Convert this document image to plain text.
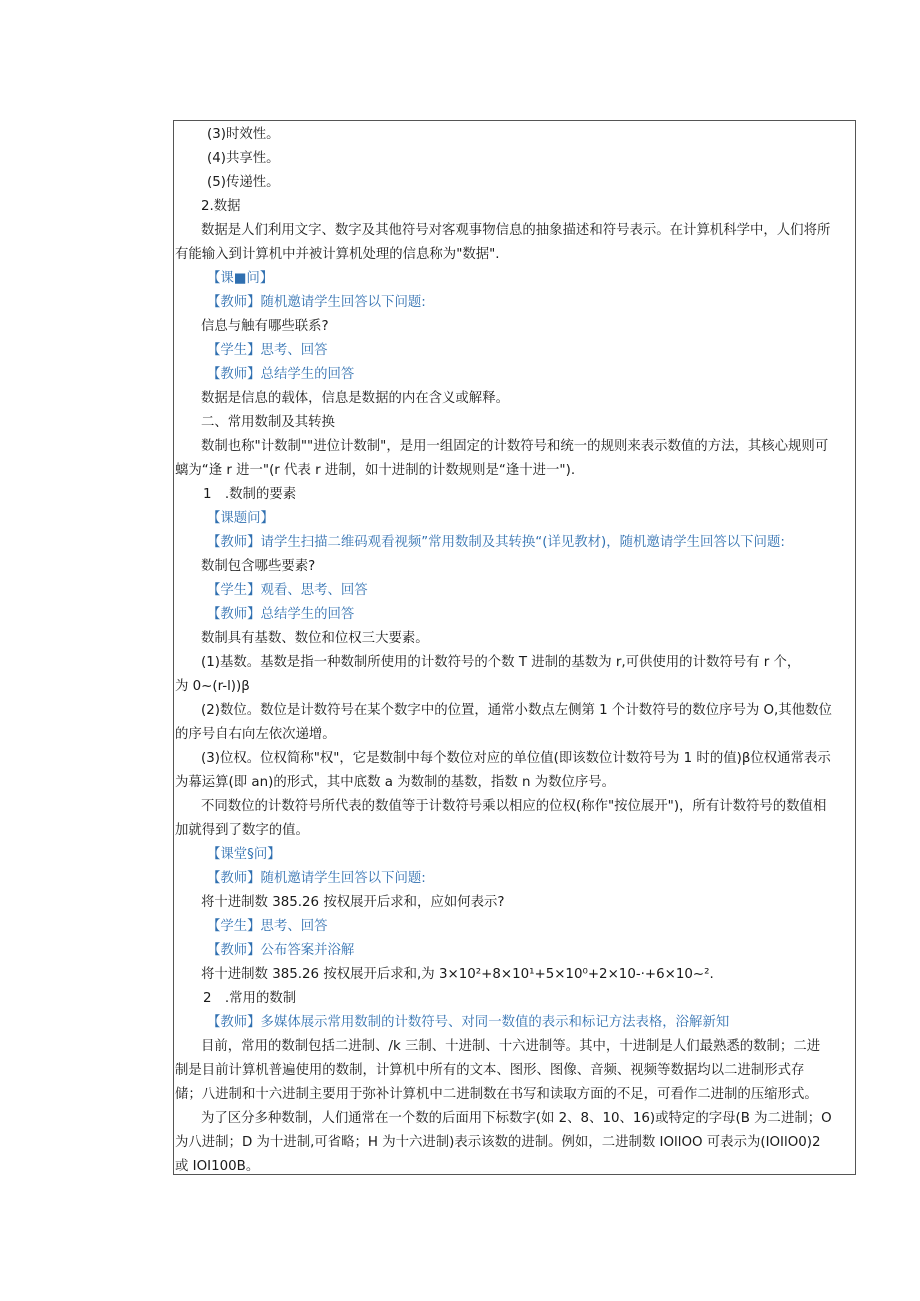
(3)时效性。
(4)共享性。
(5)传递性。
2.数据
数据是人们利用文字、数字及其他符号对客观事物信息的抽象描述和符号表示。在计算机科学中，人们将所
有能输入到计算机中并被计算机处理的信息称为"数据".
【课■问】
【教师】随机邀请学生回答以下问题:
信息与触有哪些联系?
【学生】思考、回答
【教师】总结学生的回答
数据是信息的载体，信息是数据的内在含义或解释。
二、常用数制及其转换
数制也称"计数制""进位计数制"，是用一组固定的计数符号和统一的规则来表示数值的方法，其核心规则可
螭为“逢 r 进一"(r 代表 r 进制，如十进制的计数规则是“逢十进一").
1　.数制的要素
【课题问】
【教师】请学生扫描二维码观看视频”常用数制及其转换“(详见教材)，随机邀请学生回答以下问题:
数制包含哪些要素?
【学生】观看、思考、回答
【教师】总结学生的回答
数制具有基数、数位和位权三大要素。
(1)基数。基数是指一种数制所使用的计数符号的个数 T 进制的基数为 r,可供使用的计数符号有 r 个，
为 0~(r-l))β
(2)数位。数位是计数符号在某个数字中的位置，通常小数点左侧第 1 个计数符号的数位序号为 O,其他数位
的序号自右向左依次递增。
(3)位权。位权简称"权"，它是数制中每个数位对应的单位值(即该数位计数符号为 1 时的值)β位权通常表示
为幕运算(即 an)的形式，其中底数 a 为数制的基数，指数 n 为数位序号。
不同数位的计数符号所代表的数值等于计数符号乘以相应的位权(称作"按位展开")，所有计数符号的数值相
加就得到了数字的值。
【课堂§问】
【教师】随机邀请学生回答以下问题:
将十进制数 385.26 按权展开后求和，应如何表示?
【学生】思考、回答
【教师】公布答案并浴解
将十进制数 385.26 按权展开后求和,为 3×10²+8×10¹+5×10⁰+2×10-·+6×10~².
2　.常用的数制
【教师】多媒体展示常用数制的计数符号、对同一数值的表示和标记方法表格，浴解新知
目前，常用的数制包括二进制、/k 三制、十进制、十六进制等。其中，十进制是人们最熟悉的数制；二进
制是目前计算机普遍使用的数制，计算机中所有的文本、图形、图像、音频、视频等数据均以二进制形式存
储；八进制和十六进制主要用于弥补计算机中二进制数在书写和读取方面的不足，可看作二进制的压缩形式。
为了区分多种数制，人们通常在一个数的后面用下标数字(如 2、8、10、16)或特定的字母(B 为二进制；O
为八进制；D 为十进制,可省略；H 为十六进制)表示该数的进制。例如，二进制数 IOllOO 可表示为(IOIlO0)2
或 IOI100B。
